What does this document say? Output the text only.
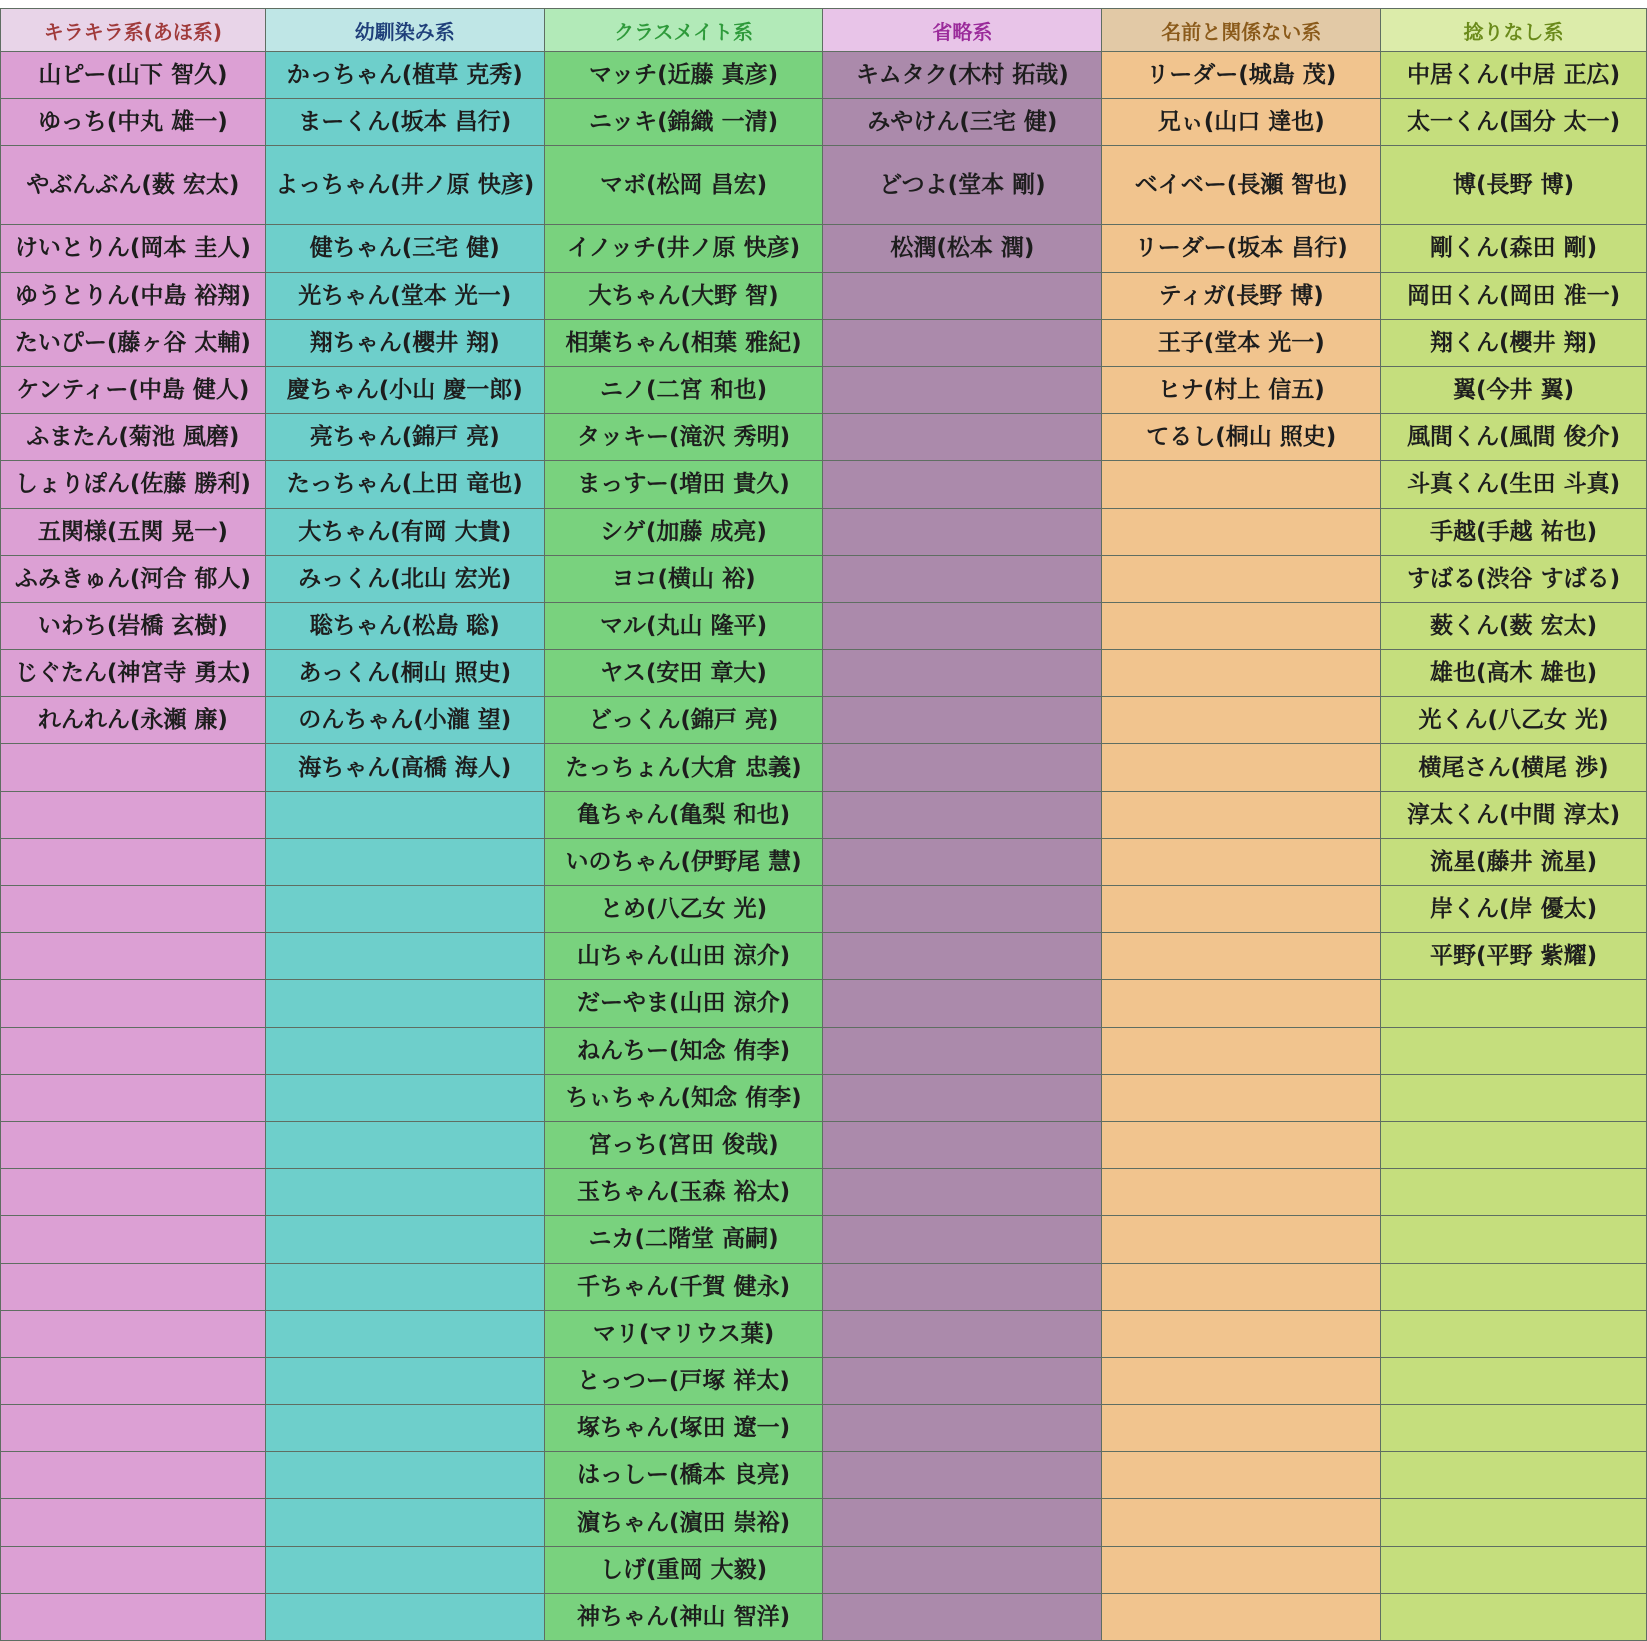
キラキラ系(あほ系)	幼馴染み系	クラスメイト系	省略系	名前と関係ない系	捻りなし系
山ピー(山下 智久)	かっちゃん(植草 克秀)	マッチ(近藤 真彦)	キムタク(木村 拓哉)	リーダー(城島 茂)	中居くん(中居 正広)
ゆっち(中丸 雄一)	まーくん(坂本 昌行)	ニッキ(錦織 一清)	みやけん(三宅 健)	兄ぃ(山口 達也)	太一くん(国分 太一)
やぶんぶん(薮 宏太)	よっちゃん(井ノ原 快彦)	マボ(松岡 昌宏)	どつよ(堂本 剛)	ベイベー(長瀬 智也)	博(長野 博)
けいとりん(岡本 圭人)	健ちゃん(三宅 健)	イノッチ(井ノ原 快彦)	松潤(松本 潤)	リーダー(坂本 昌行)	剛くん(森田 剛)
ゆうとりん(中島 裕翔)	光ちゃん(堂本 光一)	大ちゃん(大野 智)		ティガ(長野 博)	岡田くん(岡田 准一)
たいぴー(藤ヶ谷 太輔)	翔ちゃん(櫻井 翔)	相葉ちゃん(相葉 雅紀)		王子(堂本 光一)	翔くん(櫻井 翔)
ケンティー(中島 健人)	慶ちゃん(小山 慶一郎)	ニノ(二宮 和也)		ヒナ(村上 信五)	翼(今井 翼)
ふまたん(菊池 風磨)	亮ちゃん(錦戸 亮)	タッキー(滝沢 秀明)		てるし(桐山 照史)	風間くん(風間 俊介)
しょりぽん(佐藤 勝利)	たっちゃん(上田 竜也)	まっすー(増田 貴久)			斗真くん(生田 斗真)
五関様(五関 晃一)	大ちゃん(有岡 大貴)	シゲ(加藤 成亮)			手越(手越 祐也)
ふみきゅん(河合 郁人)	みっくん(北山 宏光)	ヨコ(横山 裕)			すばる(渋谷 すばる)
いわち(岩橋 玄樹)	聡ちゃん(松島 聡)	マル(丸山 隆平)			薮くん(薮 宏太)
じぐたん(神宮寺 勇太)	あっくん(桐山 照史)	ヤス(安田 章大)			雄也(高木 雄也)
れんれん(永瀬 廉)	のんちゃん(小瀧 望)	どっくん(錦戸 亮)			光くん(八乙女 光)
	海ちゃん(高橋 海人)	たっちょん(大倉 忠義)			横尾さん(横尾 渉)
		亀ちゃん(亀梨 和也)			淳太くん(中間 淳太)
		いのちゃん(伊野尾 慧)			流星(藤井 流星)
		とめ(八乙女 光)			岸くん(岸 優太)
		山ちゃん(山田 涼介)			平野(平野 紫耀)
		だーやま(山田 涼介)			
		ねんちー(知念 侑李)			
		ちぃちゃん(知念 侑李)			
		宮っち(宮田 俊哉)			
		玉ちゃん(玉森 裕太)			
		ニカ(二階堂 高嗣)			
		千ちゃん(千賀 健永)			
		マリ(マリウス葉)			
		とっつー(戸塚 祥太)			
		塚ちゃん(塚田 遼一)			
		はっしー(橋本 良亮)			
		濵ちゃん(濵田 崇裕)			
		しげ(重岡 大毅)			
		神ちゃん(神山 智洋)			
